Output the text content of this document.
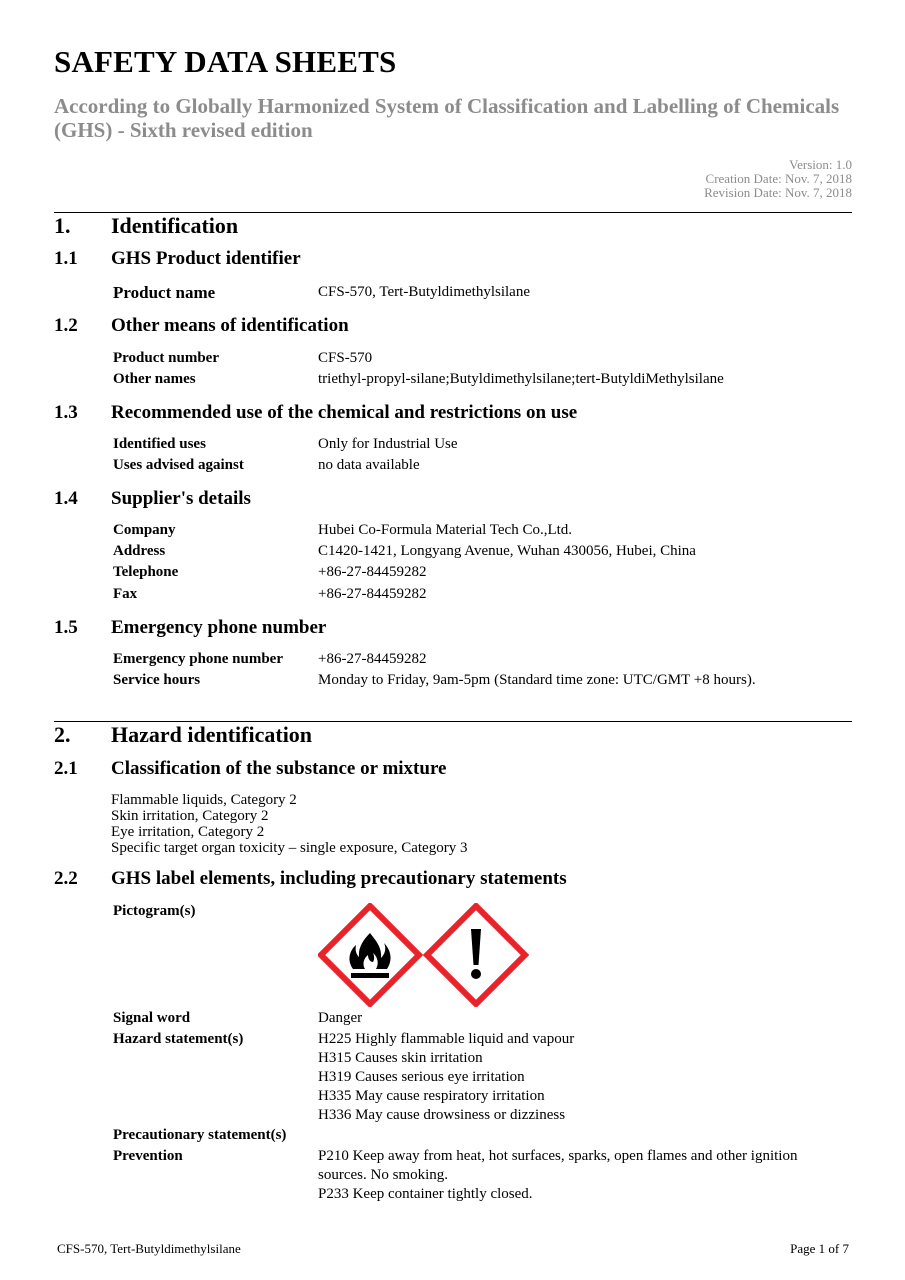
SAFETY DATA SHEETS
According to Globally Harmonized System of Classification and Labelling of Chemicals (GHS) - Sixth revised edition
Version: 1.0
Creation Date: Nov. 7, 2018
Revision Date: Nov. 7, 2018
1. Identification
1.1 GHS Product identifier
Product name	CFS-570, Tert-Butyldimethylsilane
1.2 Other means of identification
Product number	CFS-570
Other names	triethyl-propyl-silane;Butyldimethylsilane;tert-ButyldiMethylsilane
1.3 Recommended use of the chemical and restrictions on use
Identified uses	Only for Industrial Use
Uses advised against	no data available
1.4 Supplier's details
Company	Hubei Co-Formula Material Tech Co.,Ltd.
Address	C1420-1421, Longyang Avenue, Wuhan 430056, Hubei, China
Telephone	+86-27-84459282
Fax	+86-27-84459282
1.5 Emergency phone number
Emergency phone number +86-27-84459282
Service hours	Monday to Friday, 9am-5pm (Standard time zone: UTC/GMT +8 hours).
2. Hazard identification
2.1 Classification of the substance or mixture
Flammable liquids, Category 2
Skin irritation, Category 2
Eye irritation, Category 2
Specific target organ toxicity – single exposure, Category 3
2.2 GHS label elements, including precautionary statements
Pictogram(s)
Signal word	Danger
Hazard statement(s)	H225 Highly flammable liquid and vapour
H315 Causes skin irritation
H319 Causes serious eye irritation
H335 May cause respiratory irritation
H336 May cause drowsiness or dizziness
Precautionary statement(s)
Prevention	P210 Keep away from heat, hot surfaces, sparks, open flames and other ignition sources. No smoking.
P233 Keep container tightly closed.
CFS-570, Tert-Butyldimethylsilane	Page 1 of 7
